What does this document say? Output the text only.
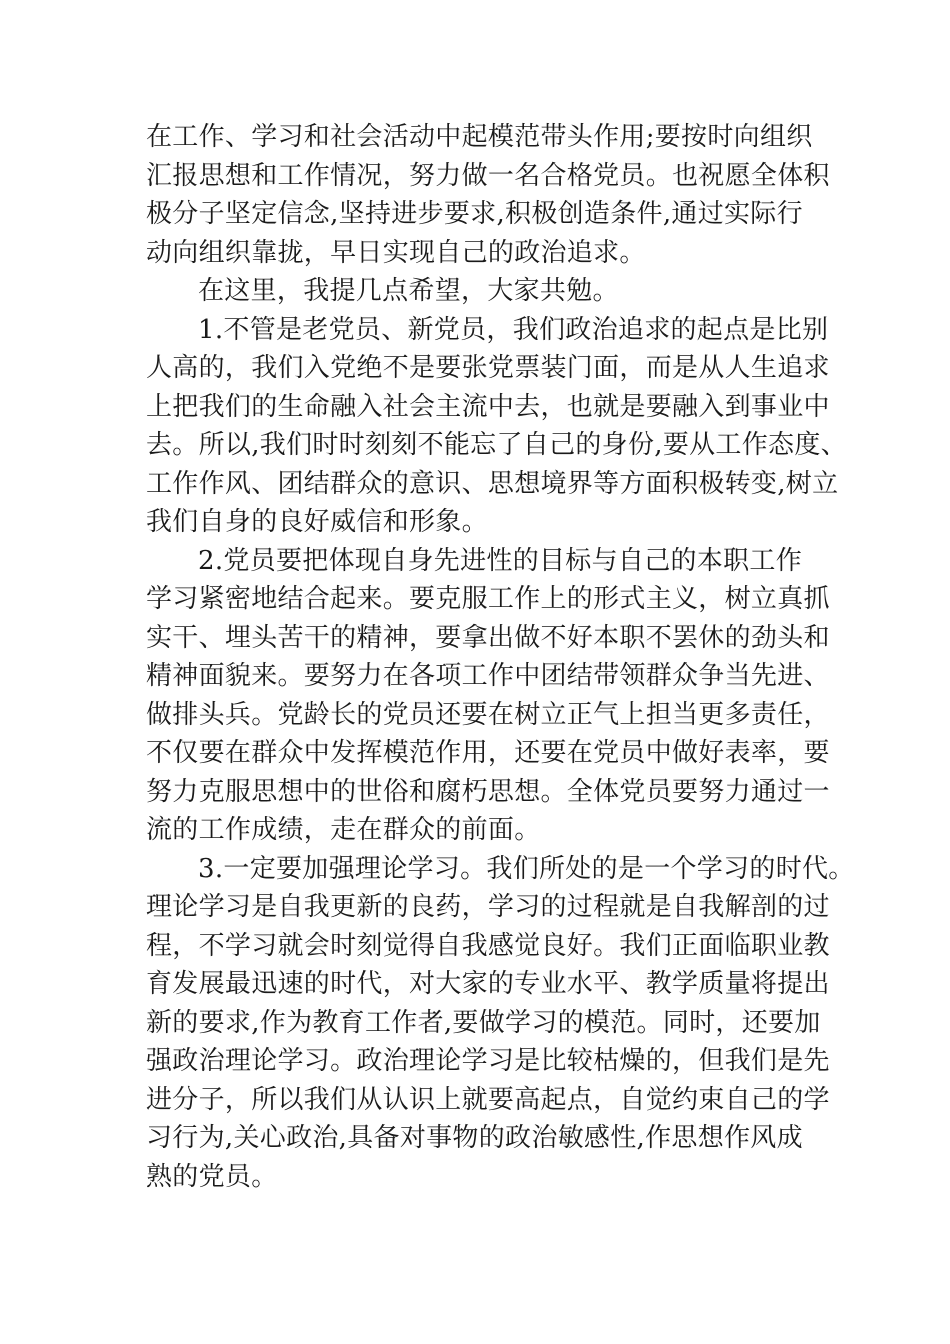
在工作、学习和社会活动中起模范带头作用;要按时向组织
汇报思想和工作情况，努力做一名合格党员。也祝愿全体积
极分子坚定信念,坚持进步要求,积极创造条件,通过实际行
动向组织靠拢，早日实现自己的政治追求。
在这里，我提几点希望，大家共勉。
1.不管是老党员、新党员，我们政治追求的起点是比别
人高的，我们入党绝不是要张党票装门面，而是从人生追求
上把我们的生命融入社会主流中去，也就是要融入到事业中
去。所以,我们时时刻刻不能忘了自己的身份,要从工作态度、
工作作风、团结群众的意识、思想境界等方面积极转变,树立
我们自身的良好威信和形象。
2.党员要把体现自身先进性的目标与自己的本职工作
学习紧密地结合起来。要克服工作上的形式主义，树立真抓
实干、埋头苦干的精神，要拿出做不好本职不罢休的劲头和
精神面貌来。要努力在各项工作中团结带领群众争当先进、
做排头兵。党龄长的党员还要在树立正气上担当更多责任，
不仅要在群众中发挥模范作用，还要在党员中做好表率，要
努力克服思想中的世俗和腐朽思想。全体党员要努力通过一
流的工作成绩，走在群众的前面。
3.一定要加强理论学习。我们所处的是一个学习的时代。
理论学习是自我更新的良药，学习的过程就是自我解剖的过
程，不学习就会时刻觉得自我感觉良好。我们正面临职业教
育发展最迅速的时代，对大家的专业水平、教学质量将提出
新的要求,作为教育工作者,要做学习的模范。同时，还要加
强政治理论学习。政治理论学习是比较枯燥的，但我们是先
进分子，所以我们从认识上就要高起点，自觉约束自己的学
习行为,关心政治,具备对事物的政治敏感性,作思想作风成
熟的党员。
